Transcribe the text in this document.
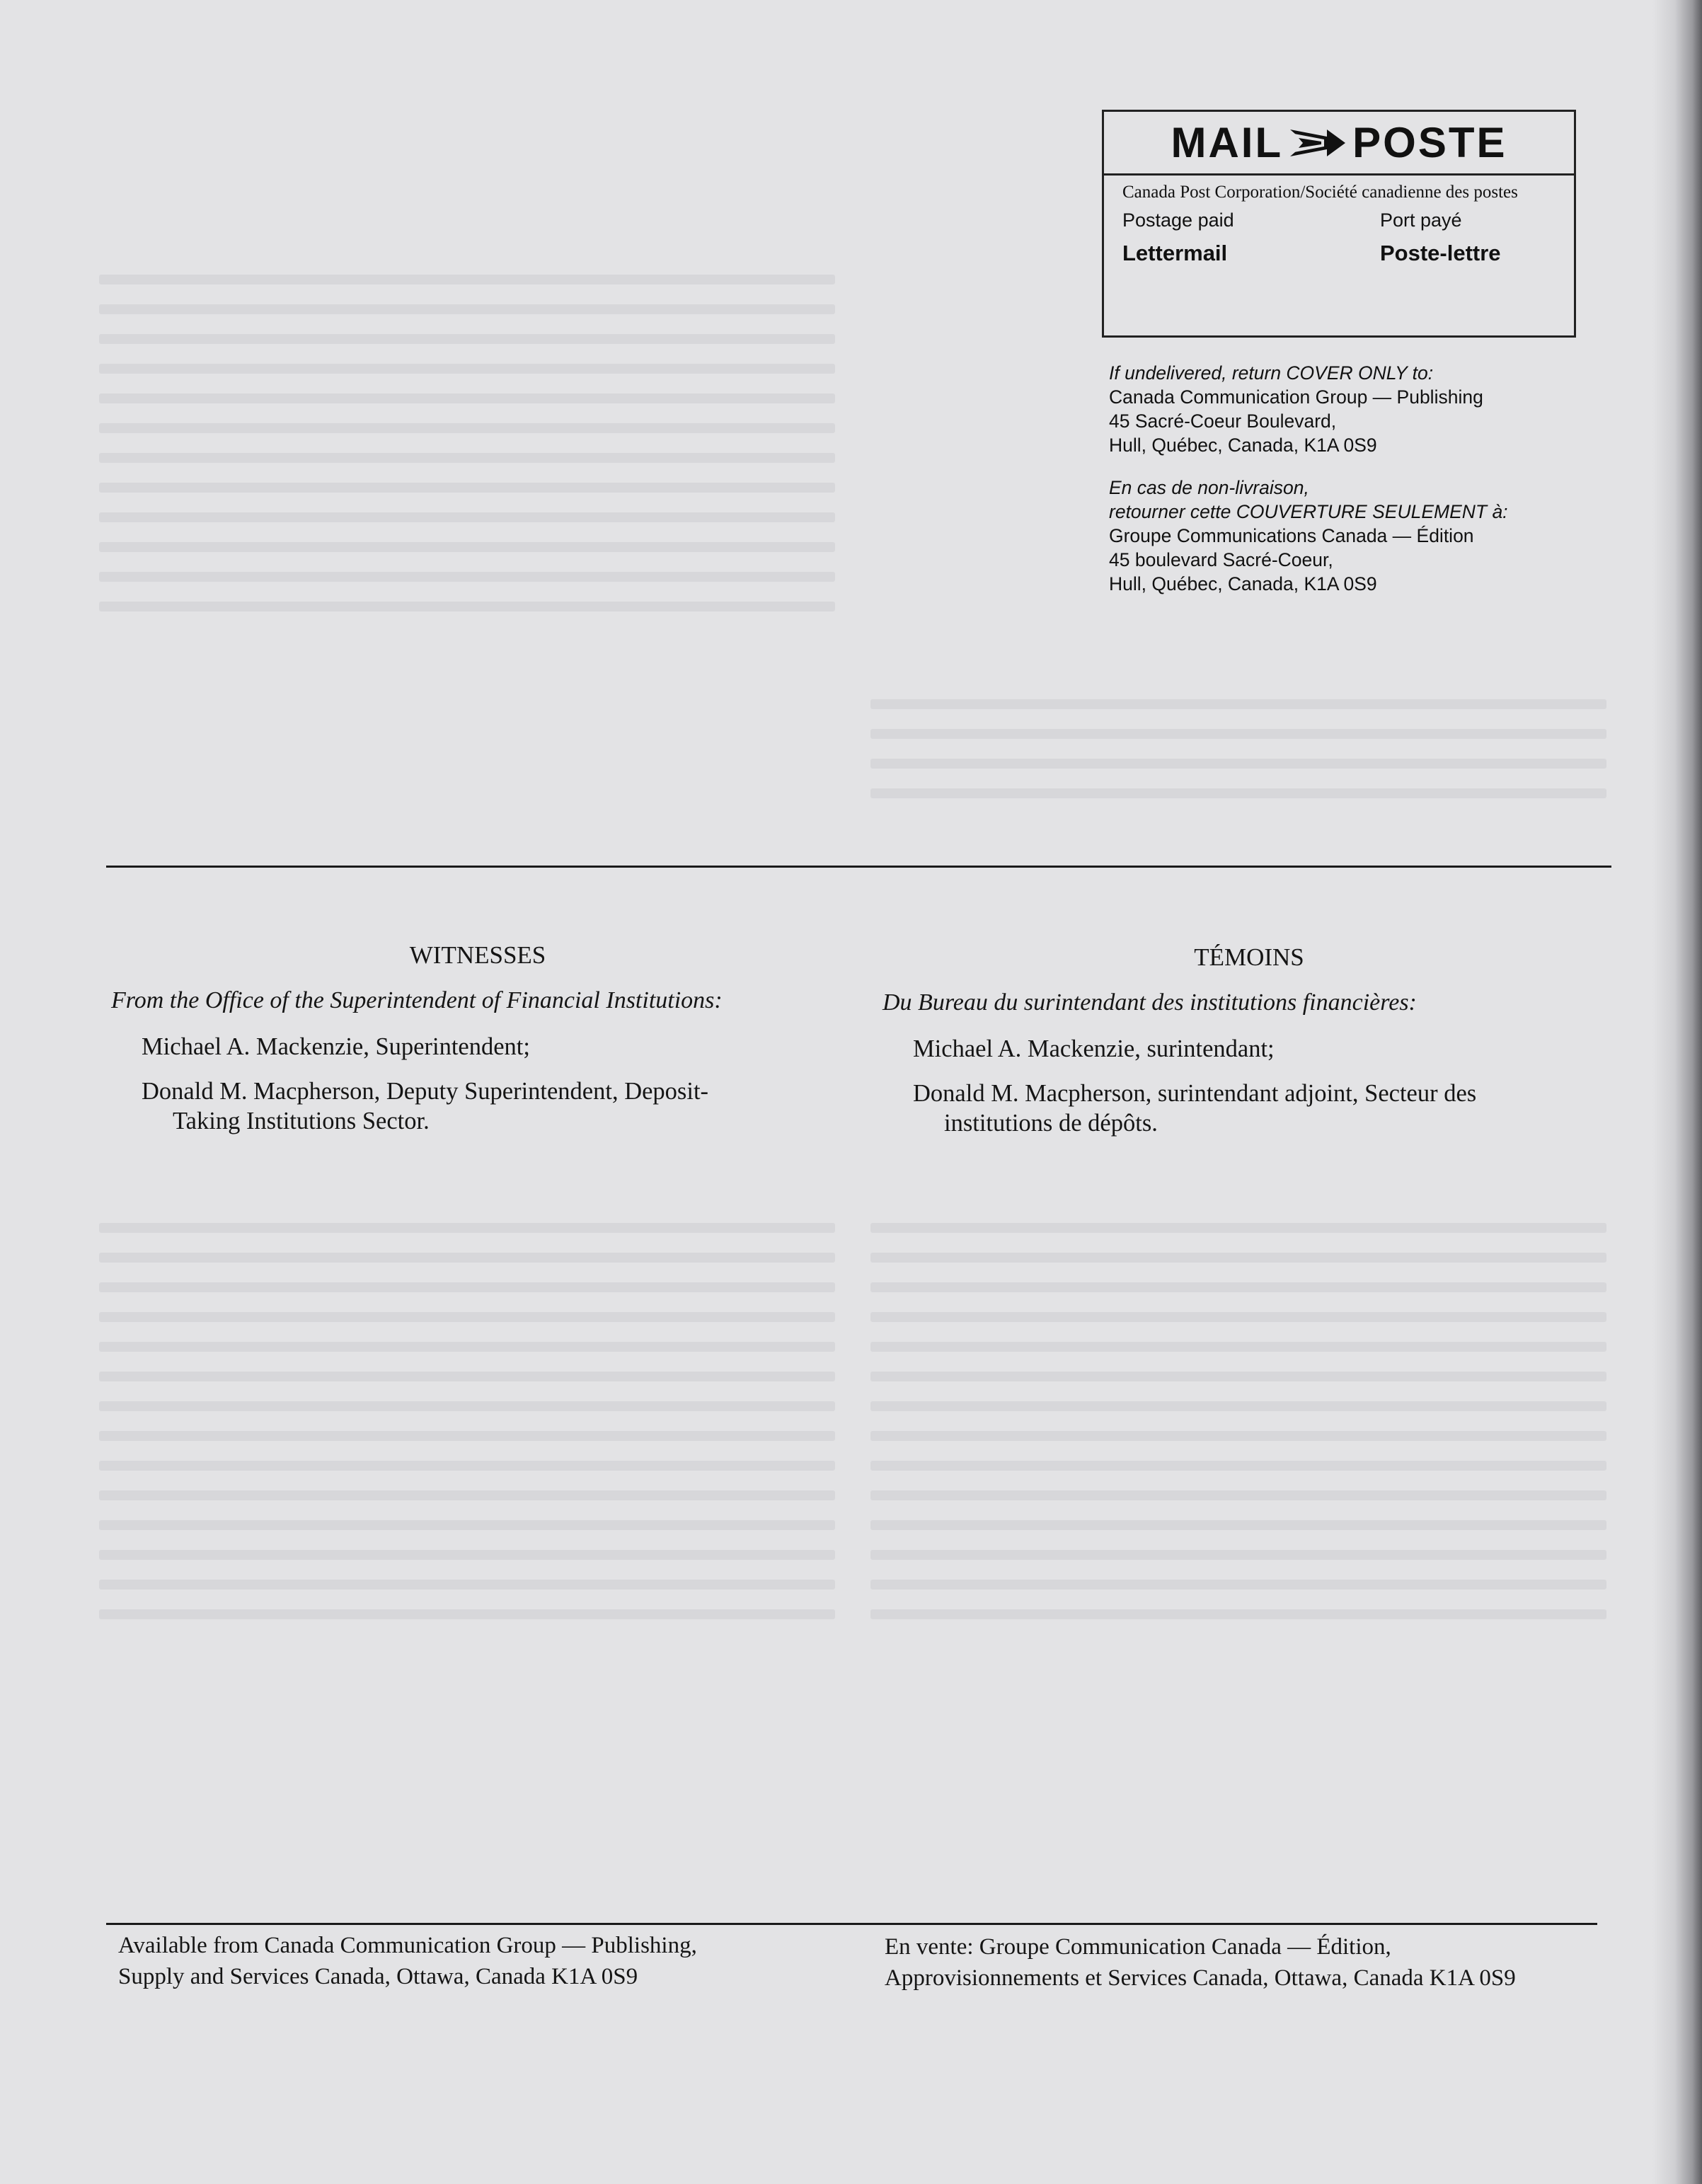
MAIL POSTE
Canada Post Corporation/Société canadienne des postes
Postage paid	Port payé
Lettermail	Poste-lettre
If undelivered, return COVER ONLY to:
Canada Communication Group — Publishing
45 Sacré-Coeur Boulevard,
Hull, Québec, Canada, K1A 0S9
En cas de non-livraison,
retourner cette COUVERTURE SEULEMENT à:
Groupe Communications Canada — Édition
45 boulevard Sacré-Coeur,
Hull, Québec, Canada, K1A 0S9
WITNESSES
From the Office of the Superintendent of Financial Institutions:
Michael A. Mackenzie, Superintendent;
Donald M. Macpherson, Deputy Superintendent, Deposit-
Taking Institutions Sector.
TÉMOINS
Du Bureau du surintendant des institutions financières:
Michael A. Mackenzie, surintendant;
Donald M. Macpherson, surintendant adjoint, Secteur des
institutions de dépôts.
Available from Canada Communication Group — Publishing,
Supply and Services Canada, Ottawa, Canada K1A 0S9
En vente: Groupe Communication Canada — Édition,
Approvisionnements et Services Canada, Ottawa, Canada K1A 0S9
